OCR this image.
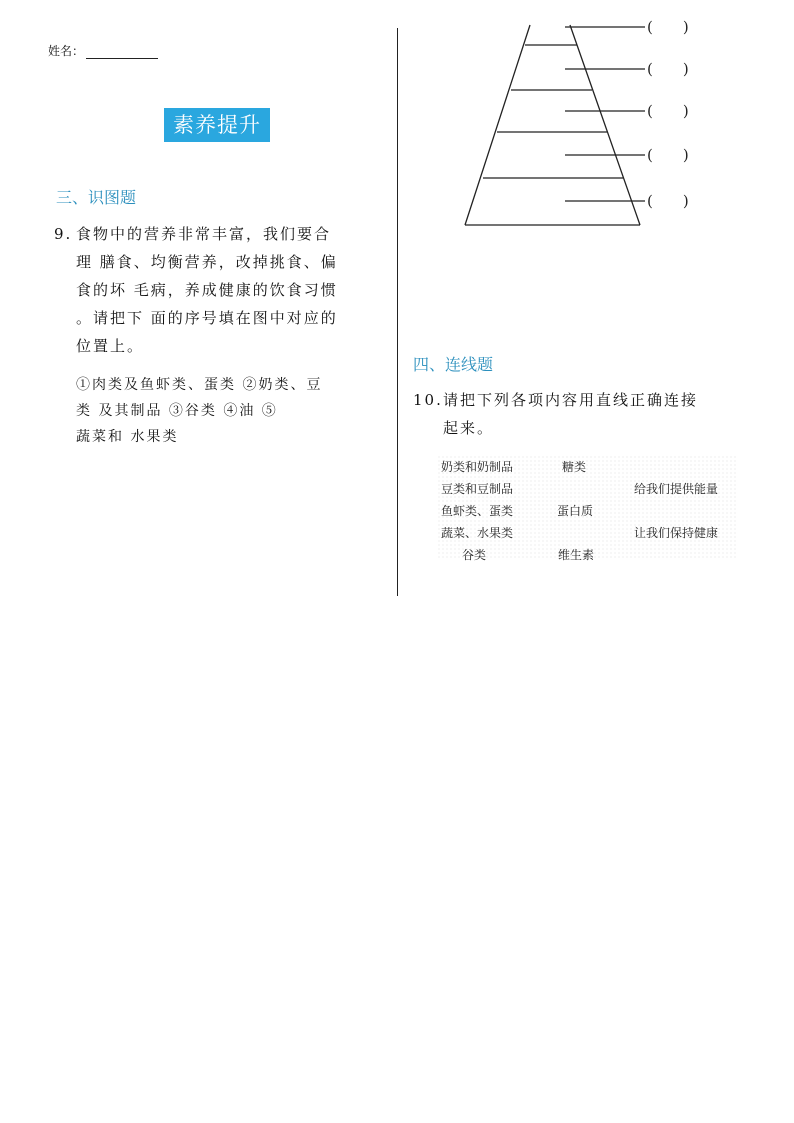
姓名：
素养提升
三、识图题
9. 食物中的营养非常丰富，我们要合
理 膳食、均衡营养，改掉挑食、偏
食的坏 毛病，养成健康的饮食习惯
。请把下 面的序号填在图中对应的
位置上。
①肉类及鱼虾类、蛋类 ②奶类、豆
类 及其制品 ③谷类 ④油 ⑤
蔬菜和 水果类
(　　)
(　　)
(　　)
(　　)
(　　)
四、连线题
10. 请把下列各项内容用直线正确连接
起来。
奶类和奶制品
豆类和豆制品
鱼虾类、蛋类
蔬菜、水果类
谷类
糖类
蛋白质
维生素
给我们提供能量
让我们保持健康
